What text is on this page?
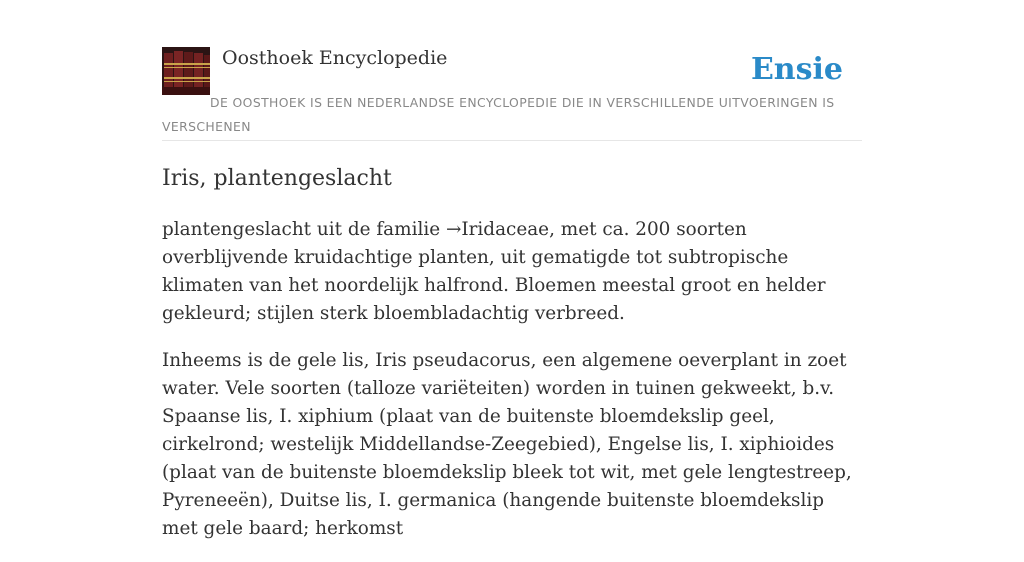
Oosthoek Encyclopedie	Ensie
DE OOSTHOEK IS EEN NEDERLANDSE ENCYCLOPEDIE DIE IN VERSCHILLENDE UITVOERINGEN IS VERSCHENEN
Iris, plantengeslacht

plantengeslacht uit de familie →Iridaceae, met ca. 200 soorten overblijvende kruidachtige planten, uit gematigde tot subtropische klimaten van het noordelijk halfrond. Bloemen meestal groot en helder gekleurd; stijlen sterk bloembladachtig verbreed.

Inheems is de gele lis, Iris pseudacorus, een algemene oeverplant in zoet water. Vele soorten (talloze variëteiten) worden in tuinen gekweekt, b.v. Spaanse lis, I. xiphium (plaat van de buitenste bloemdekslip geel, cirkelrond; westelijk Middellandse-Zeegebied), Engelse lis, I. xiphioides (plaat van de buitenste bloemdekslip bleek tot wit, met gele lengtestreep, Pyreneeën), Duitse lis, I. germanica (hangende buitenste bloemdekslip met gele baard; herkomst
